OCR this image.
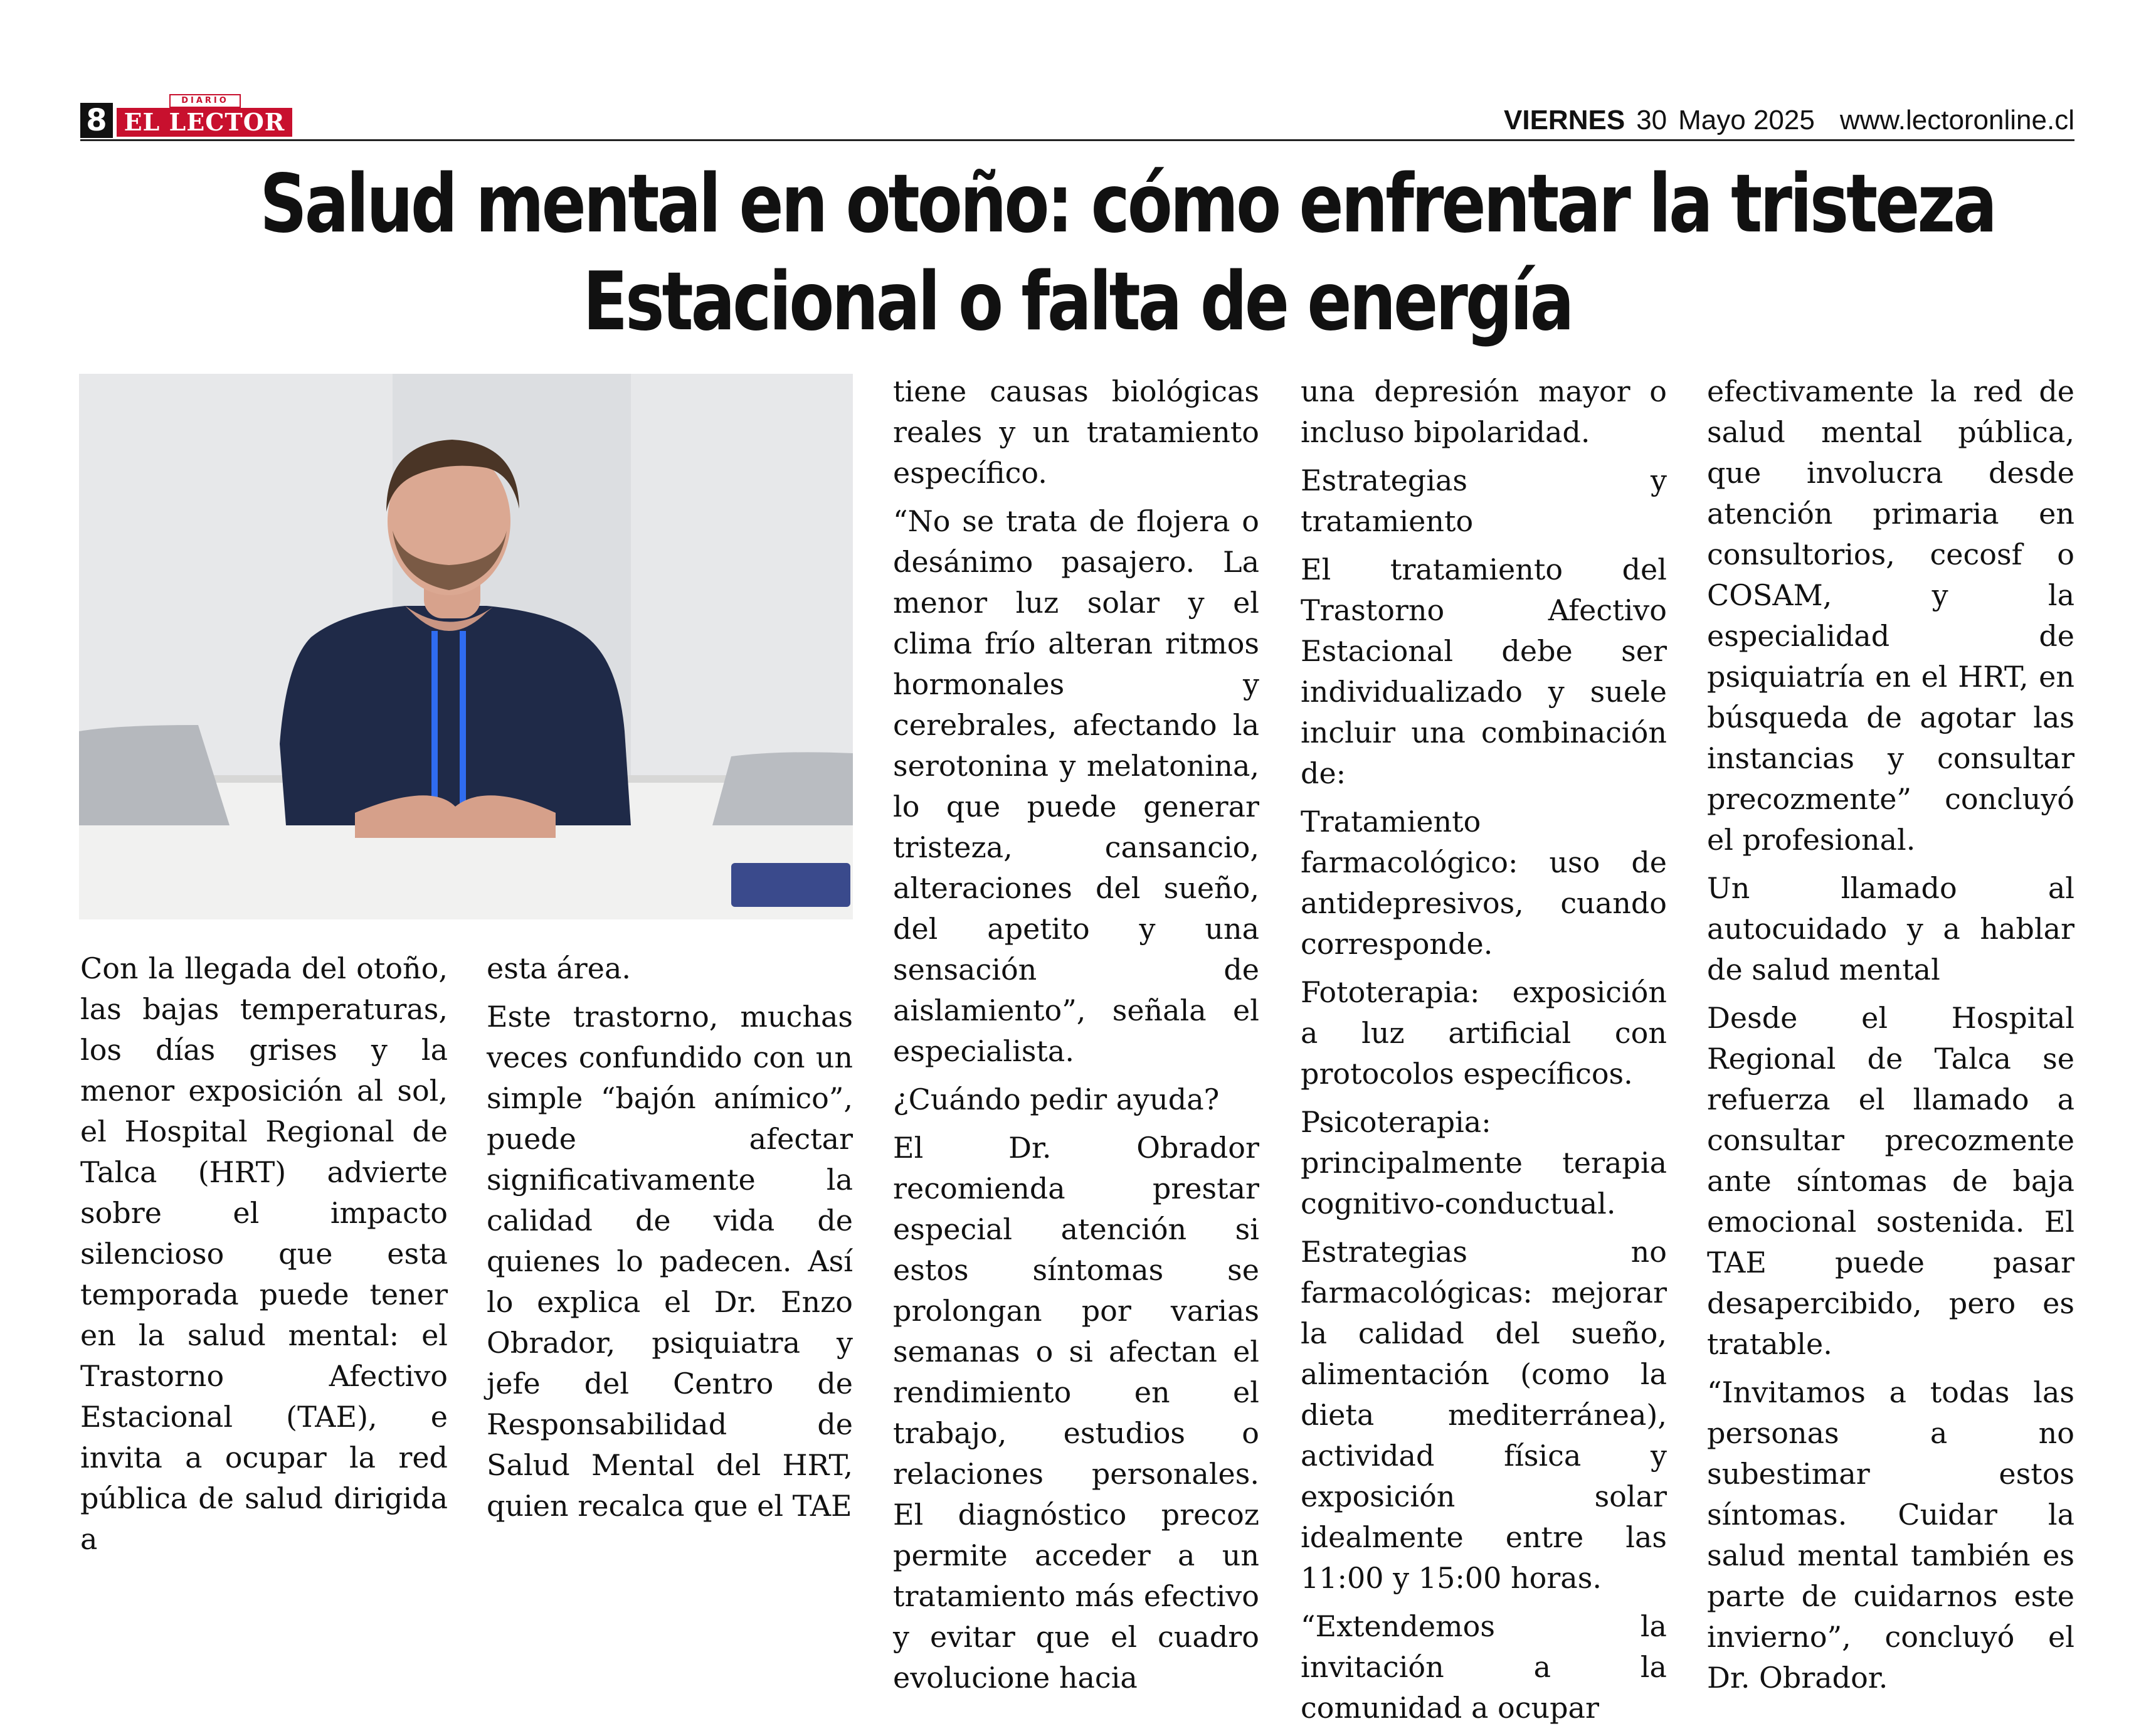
8 EL LECTOR
DIARIO
VIERNES 30 Mayo 2025 www.lectoronline.cl
Salud mental en otoño: cómo enfrentar la tristeza
Estacional o falta de energía

Con la llegada del otoño, las bajas temperaturas, los días grises y la menor exposición al sol, el Hospital Regional de Talca (HRT) advierte sobre el impacto silencioso que esta temporada puede tener en la salud mental: el Trastorno Afectivo Estacional (TAE), e invita a ocupar la red pública de salud dirigida a

esta área.

Este trastorno, muchas veces confundido con un simple “bajón anímico”, puede afectar significativamente la calidad de vida de quienes lo padecen. Así lo explica el Dr. Enzo Obrador, psiquiatra y jefe del Centro de Responsabilidad de Salud Mental del HRT, quien recalca que el TAE

tiene causas biológicas reales y un tratamiento específico.

“No se trata de flojera o desánimo pasajero. La menor luz solar y el clima frío alteran ritmos hormonales y cerebrales, afectando la serotonina y melatonina, lo que puede generar tristeza, cansancio, alteraciones del sueño, del apetito y una sensación de aislamiento”, señala el especialista.

¿Cuándo pedir ayuda?

El Dr. Obrador recomienda prestar especial atención si estos síntomas se prolongan por varias semanas o si afectan el rendimiento en el trabajo, estudios o relaciones personales. El diagnóstico precoz permite acceder a un tratamiento más efectivo y evitar que el cuadro evolucione hacia

una depresión mayor o incluso bipolaridad.

Estrategias y tratamiento

El tratamiento del Trastorno Afectivo Estacional debe ser individualizado y suele incluir una combinación de:

Tratamiento farmacológico: uso de antidepresivos, cuando corresponde.

Fototerapia: exposición a luz artificial con protocolos específicos.

Psicoterapia: principalmente terapia cognitivo-conductual.

Estrategias no farmacológicas: mejorar la calidad del sueño, alimentación (como la dieta mediterránea), actividad física y exposición solar idealmente entre las 11:00 y 15:00 horas.

“Extendemos la invitación a la comunidad a ocupar

efectivamente la red de salud mental pública, que involucra desde atención primaria en consultorios, cecosf o COSAM, y la especialidad de psiquiatría en el HRT, en búsqueda de agotar las instancias y consultar precozmente” concluyó el profesional.

Un llamado al autocuidado y a hablar de salud mental

Desde el Hospital Regional de Talca se refuerza el llamado a consultar precozmente ante síntomas de baja emocional sostenida. El TAE puede pasar desapercibido, pero es tratable.

“Invitamos a todas las personas a no subestimar estos síntomas. Cuidar la salud mental también es parte de cuidarnos este invierno”, concluyó el Dr. Obrador.
